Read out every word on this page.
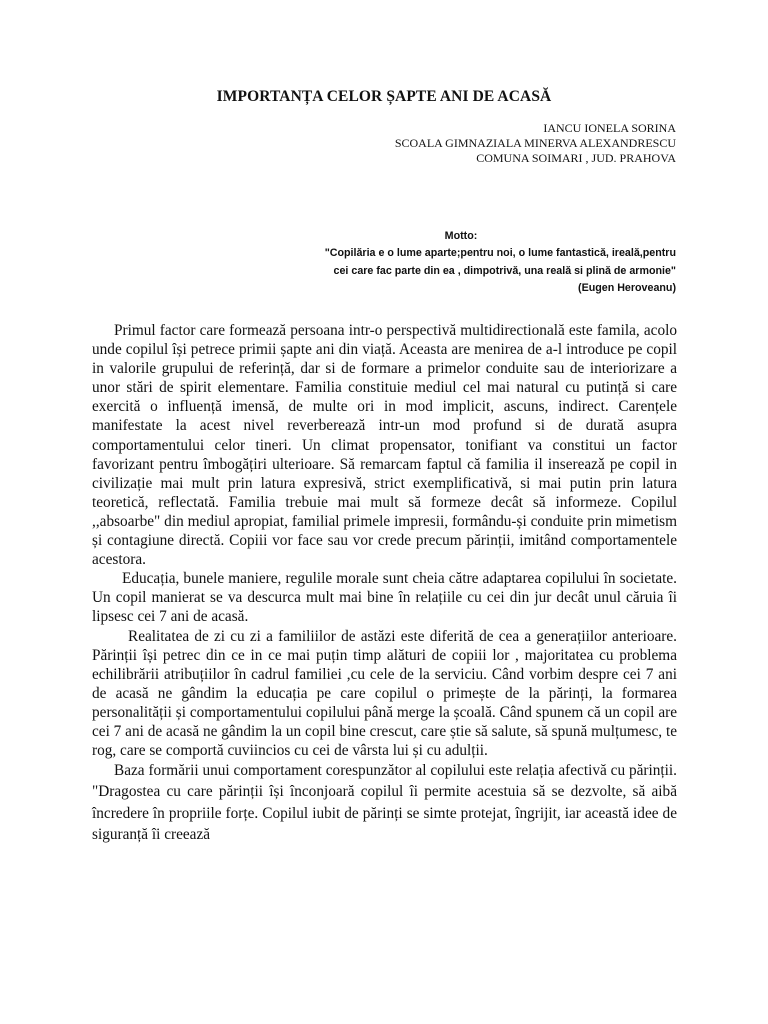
IMPORTANȚA CELOR ȘAPTE ANI DE ACASĂ
IANCU IONELA SORINA
SCOALA GIMNAZIALA MINERVA ALEXANDRESCU
COMUNA SOIMARI , JUD. PRAHOVA
Motto:
"Copilăria e o lume aparte;pentru noi, o lume fantastică, ireală,pentru
cei care fac parte din ea , dimpotrivă, una reală si plină de armonie"
(Eugen Heroveanu)

Primul factor care formează persoana intr-o perspectivă multidirectională este famila, acolo unde copilul își petrece primii șapte ani din viață. Aceasta are menirea de a-l introduce pe copil in valorile grupului de referință, dar si de formare a primelor conduite sau de interiorizare a unor stări de spirit elementare. Familia constituie mediul cel mai natural cu putință si care exercită o influență imensă, de multe ori in mod implicit, ascuns, indirect. Carențele manifestate la acest nivel reverberează intr-un mod profund si de durată asupra comportamentului celor tineri. Un climat propensator, tonifiant va constitui un factor favorizant pentru îmbogățiri ulterioare. Să remarcam faptul că familia il insereazǎ pe copil in civilizație mai mult prin latura expresivă, strict exemplificativă, si mai putin prin latura teoretică, reflectată. Familia trebuie mai mult să formeze decât să informeze. Copilul ,,absoarbe" din mediul apropiat, familial primele impresii, formându-și conduite prin mimetism și contagiune directă. Copiii vor face sau vor crede precum părinții, imitând comportamentele acestora.

Educația, bunele maniere, regulile morale sunt cheia către adaptarea copilului în societate. Un copil manierat se va descurca mult mai bine în relațiile cu cei din jur decât unul căruia îi lipsesc cei 7 ani de acasă.

Realitatea de zi cu zi a familiilor de astăzi este diferită de cea a generațiilor anterioare. Părinții își petrec din ce in ce mai puțin timp alături de copiii lor , majoritatea cu problema echilibrării atribuțiilor în cadrul familiei ,cu cele de la serviciu. Când vorbim despre cei 7 ani de acasă ne gândim la educația pe care copilul o primește de la părinți, la formarea personalității și comportamentului copilului până merge la școală. Când spunem că un copil are cei 7 ani de acasă ne gândim la un copil bine crescut, care știe să salute, să spună mulțumesc, te rog, care se comportă cuviincios cu cei de vârsta lui și cu adulții.

Baza formării unui comportament corespunzător al copilului este relația afectivă cu părinții. "Dragostea cu care părinții își înconjoară copilul îi permite acestuia să se dezvolte, să aibă încredere în propriile forțe. Copilul iubit de părinți se simte protejat, îngrijit, iar această idee de siguranță îi creează
